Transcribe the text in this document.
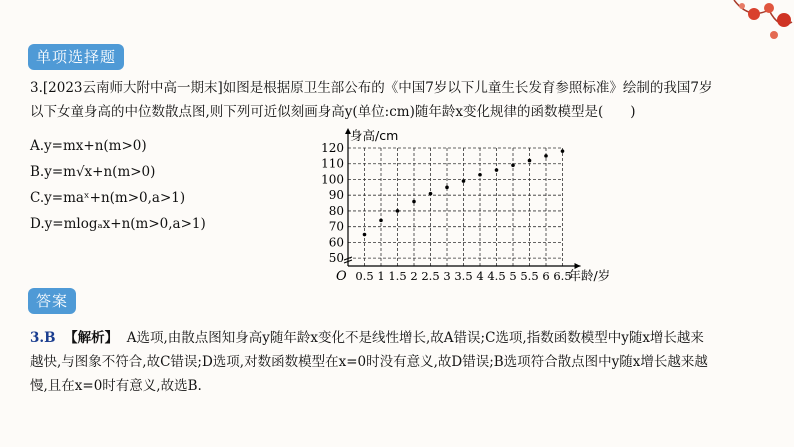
单项选择题
3.[2023云南师大附中高一期末]如图是根据原卫生部公布的《中国7岁以下儿童生长发育参照标准》绘制的我国7岁
以下女童身高的中位数散点图,则下列可近似刻画身高y(单位:cm)随年龄x变化规律的函数模型是(　　)
A.y=mx+n(m>0)
B.y=m√x+n(m>0)
C.y=maˣ+n(m>0,a>1)
D.y=mlogₐx+n(m>0,a>1)
50
60
70
80
90
100
110
120
0.5 1 1.5 2 2.5 3 3.5 4 4.5 5 5.5 6 6.5
身高/cm
年龄/岁
O
答案
3.B 【解析】 A选项,由散点图知身高y随年龄x变化不是线性增长,故A错误;C选项,指数函数模型中y随x增长越来
越快,与图象不符合,故C错误;D选项,对数函数模型在x=0时没有意义,故D错误;B选项符合散点图中y随x增长越来越
慢,且在x=0时有意义,故选B.
